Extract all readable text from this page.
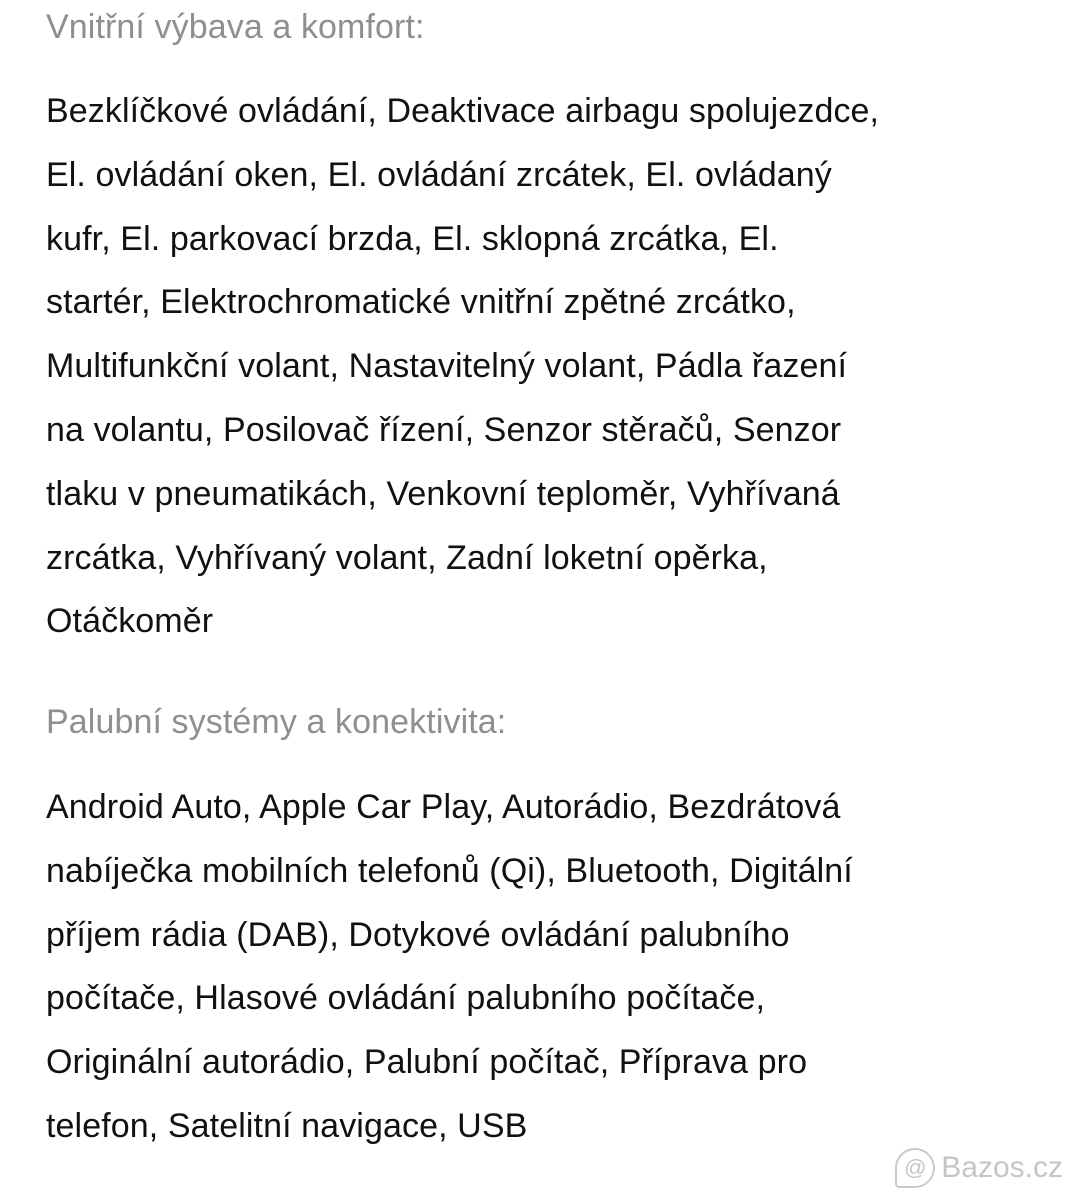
Vnitřní výbava a komfort:

Bezklíčkové ovládání, Deaktivace airbagu spolujezdce,
El. ovládání oken, El. ovládání zrcátek, El. ovládaný
kufr, El. parkovací brzda, El. sklopná zrcátka, El.
startér, Elektrochromatické vnitřní zpětné zrcátko,
Multifunkční volant, Nastavitelný volant, Pádla řazení
na volantu, Posilovač řízení, Senzor stěračů, Senzor
tlaku v pneumatikách, Venkovní teploměr, Vyhřívaná
zrcátka, Vyhřívaný volant, Zadní loketní opěrka,
Otáčkoměr

Palubní systémy a konektivita:

Android Auto, Apple Car Play, Autorádio, Bezdrátová
nabíječka mobilních telefonů (Qi), Bluetooth, Digitální
příjem rádia (DAB), Dotykové ovládání palubního
počítače, Hlasové ovládání palubního počítače,
Originální autorádio, Palubní počítač, Příprava pro
telefon, Satelitní navigace, USB

@ Bazos.cz
